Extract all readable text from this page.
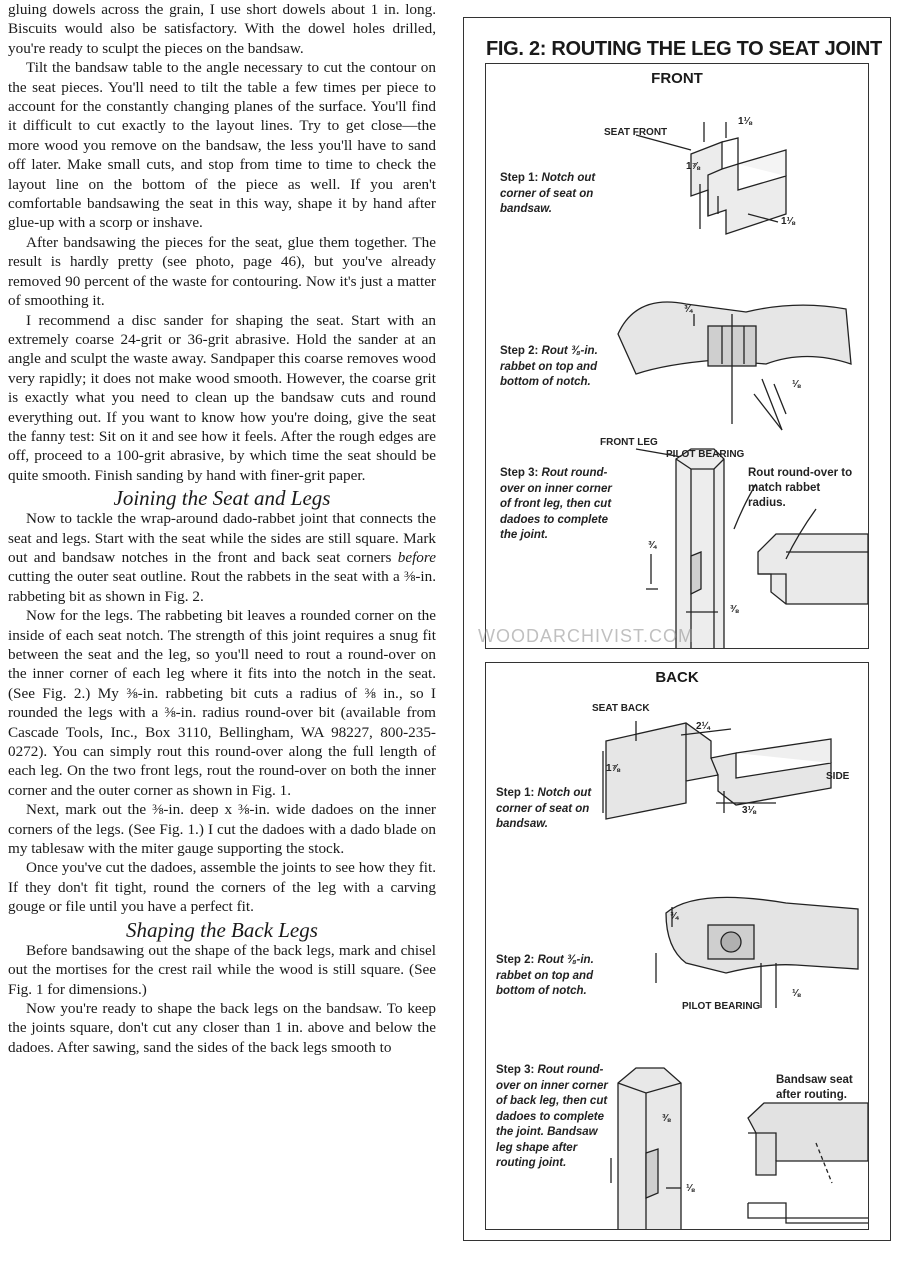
gluing dowels across the grain, I use short dowels about 1 in. long. Biscuits would also be satisfactory. With the dowel holes drilled, you're ready to sculpt the pieces on the bandsaw.

Tilt the bandsaw table to the angle necessary to cut the contour on the seat pieces. You'll need to tilt the table a few times per piece to account for the constantly changing planes of the surface. You'll find it difficult to cut exactly to the layout lines. Try to get close—the more wood you remove on the bandsaw, the less you'll have to sand off later. Make small cuts, and stop from time to time to check the layout line on the bottom of the piece as well. If you aren't comfortable bandsawing the seat in this way, shape it by hand after glue-up with a scorp or inshave.

After bandsawing the pieces for the seat, glue them together. The result is hardly pretty (see photo, page 46), but you've already removed 90 percent of the waste for contouring. Now it's just a matter of smoothing it.

I recommend a disc sander for shaping the seat. Start with an extremely coarse 24-grit or 36-grit abrasive. Hold the sander at an angle and sculpt the waste away. Sandpaper this coarse removes wood very rapidly; it does not make wood smooth. However, the coarse grit is exactly what you need to clean up the bandsaw cuts and round everything out. If you want to know how you're doing, give the seat the fanny test: Sit on it and see how it feels. After the rough edges are off, proceed to a 100-grit abrasive, by which time the seat should be quite smooth. Finish sanding by hand with finer-grit paper.

Joining the Seat and Legs

Now to tackle the wrap-around dado-rabbet joint that connects the seat and legs. Start with the seat while the sides are still square. Mark out and bandsaw notches in the front and back seat corners before cutting the outer seat outline. Rout the rabbets in the seat with a ⅜-in. rabbeting bit as shown in Fig. 2.

Now for the legs. The rabbeting bit leaves a rounded corner on the inside of each seat notch. The strength of this joint requires a snug fit between the seat and the leg, so you'll need to rout a round-over on the inner corner of each leg where it fits into the notch in the seat. (See Fig. 2.) My ⅜-in. rabbeting bit cuts a radius of ⅜ in., so I rounded the legs with a ⅜-in. radius round-over bit (available from Cascade Tools, Inc., Box 3110, Bellingham, WA 98227, 800-235-0272). You can simply rout this round-over along the full length of each leg. On the two front legs, rout the round-over on both the inner corner and the outer corner as shown in Fig. 1.

Next, mark out the ⅜-in. deep x ⅜-in. wide dadoes on the inner corners of the legs. (See Fig. 1.) I cut the dadoes with a dado blade on my tablesaw with the miter gauge supporting the stock.

Once you've cut the dadoes, assemble the joints to see how they fit. If they don't fit tight, round the corners of the leg with a carving gouge or file until you have a perfect fit.

Shaping the Back Legs

Before bandsawing out the shape of the back legs, mark and chisel out the mortises for the crest rail while the wood is still square. (See Fig. 1 for dimensions.)

Now you're ready to shape the back legs on the bandsaw. To keep the joints square, don't cut any closer than 1 in. above and below the dadoes. After sawing, sand the sides of the back legs smooth to

FIG. 2: ROUTING THE LEG TO SEAT JOINT
FRONT
SEAT FRONT
1⅛
1⅞
1⅛
Step 1: Notch out corner of seat on bandsaw.
¾
⅛
PILOT BEARING
Step 2: Rout ⅜-in. rabbet on top and bottom of notch.
FRONT LEG
Rout round-over to match rabbet radius.
Step 3: Rout round-over on inner corner of front leg, then cut dadoes to complete the joint.
¾
⅜
BACK
SEAT BACK
2¼
1⅞
SIDE
3⅛
Step 1: Notch out corner of seat on bandsaw.
¾
⅛
PILOT BEARING
Step 2: Rout ⅜-in. rabbet on top and bottom of notch.
Step 3: Rout round-over on inner corner of back leg, then cut dadoes to complete the joint. Bandsaw leg shape after routing joint.
⅜
⅛
Bandsaw seat after routing.
WOODARCHIVIST.COM
